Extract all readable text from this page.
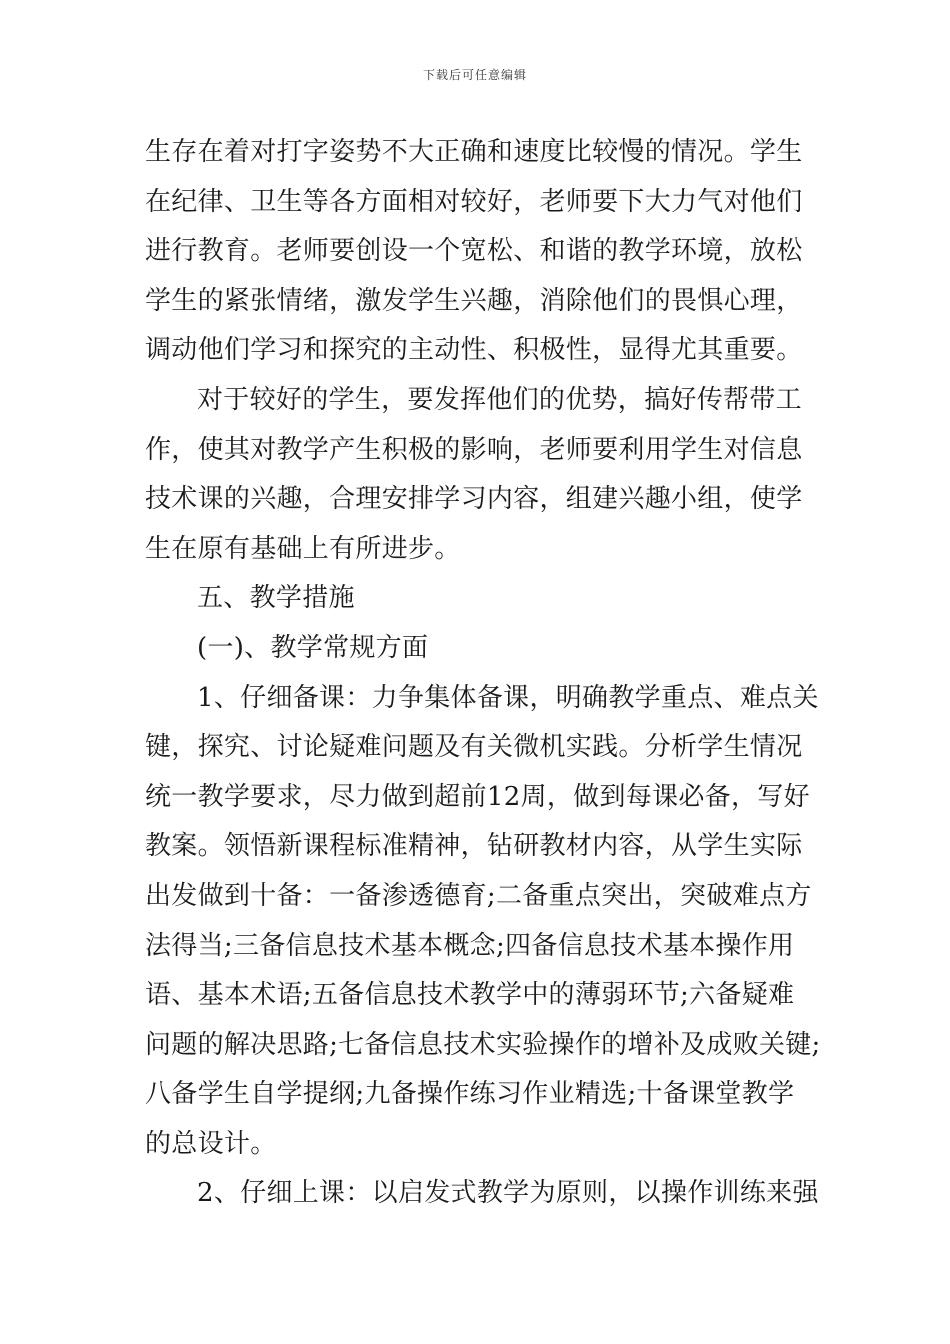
下载后可任意编辑
生存在着对打字姿势不大正确和速度比较慢的情况。学生
在纪律、卫生等各方面相对较好，老师要下大力气对他们
进行教育。老师要创设一个宽松、和谐的教学环境，放松
学生的紧张情绪，激发学生兴趣，消除他们的畏惧心理，
调动他们学习和探究的主动性、积极性，显得尤其重要。
对于较好的学生，要发挥他们的优势，搞好传帮带工
作，使其对教学产生积极的影响，老师要利用学生对信息
技术课的兴趣，合理安排学习内容，组建兴趣小组，使学
生在原有基础上有所进步。
五、教学措施
(一)、教学常规方面
1、仔细备课：力争集体备课，明确教学重点、难点关
键，探究、讨论疑难问题及有关微机实践。分析学生情况
统一教学要求，尽力做到超前12周，做到每课必备，写好
教案。领悟新课程标准精神，钻研教材内容，从学生实际
出发做到十备：一备渗透德育;二备重点突出，突破难点方
法得当;三备信息技术基本概念;四备信息技术基本操作用
语、基本术语;五备信息技术教学中的薄弱环节;六备疑难
问题的解决思路;七备信息技术实验操作的增补及成败关键;
八备学生自学提纲;九备操作练习作业精选;十备课堂教学
的总设计。
2、仔细上课：以启发式教学为原则，以操作训练来强
